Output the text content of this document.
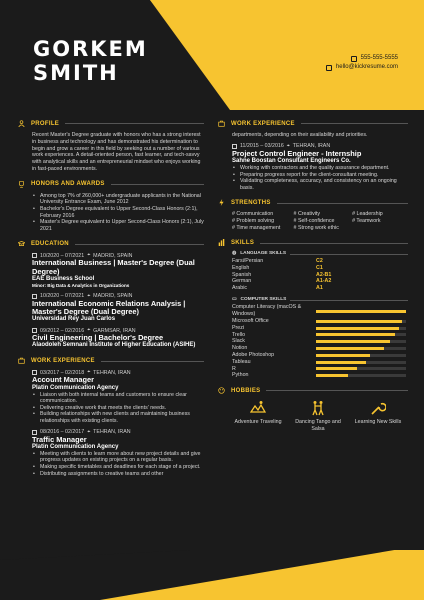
GORKEM
SMITH
555-555-5555
hello@kickresume.com
PROFILE
Recent Master's Degree graduate with honors who has a strong interest in business and technology and has demonstrated his determination to begin and grow a career in this field by seeking out a number of various work experiences. A detail-oriented person, fast learner, and tech-savvy with analytical skills and an entrepreneurial mindset who enjoys working in fast-paced environments.
HONORS AND AWARDS
• Among top 7% of 260,000+ undergraduate applicants in the National University Entrance Exam, June 2012
• Bachelor's Degree equivalent to Upper Second-Class Honors (2:1), February 2016
• Master's Degree equivalent to Upper Second-Class Honors (2:1), July 2021
EDUCATION
10/2020 – 07/2021 ⌖ MADRID, SPAIN
International Business | Master's Degree (Dual Degree)
EAE Business School
Minor: Big Data & Analytics in Organizations
10/2020 – 07/2021 ⌖ MADRID, SPAIN
International Economic Relations Analysis | Master's Degree (Dual Degree)
Universidad Rey Juan Carlos
09/2012 – 02/2016 ⌖ GARMSAR, IRAN
Civil Engineering | Bachelor's Degree
Alaodoleh Semnani Institute of Higher Education (ASIHE)
WORK EXPERIENCE
03/2017 – 02/2018 ⌖ TEHRAN, IRAN
Account Manager
Platin Communication Agency
• Liaison with both internal teams and customers to ensure clear communication.
• Delivering creative work that meets the clients' needs.
• Building relationships with new clients and maintaining business relationships with existing clients.
08/2016 – 02/2017 ⌖ TEHRAN, IRAN
Traffic Manager
Platin Communication Agency
• Meeting with clients to learn more about new project details and give progress updates on existing projects on a regular basis.
• Making specific timetables and deadlines for each stage of a project.
• Distributing assignments to creative teams and other
WORK EXPERIENCE
departments, depending on their availability and priorities.
11/2015 – 03/2016 ⌖ TEHRAN, IRAN
Project Control Engineer - Internship
Sahne Boostan Consultant Engineers Co.
• Working with contractors and the quality assurance department.
• Preparing progress report for the client-consultant meeting.
• Validating completeness, accuracy, and consistency on an ongoing basis.
STRENGTHS
# Communication	# Creativity	# Leadership
# Problem solving	# Self-confidence	# Teamwork
# Time management	# Strong work ethic
SKILLS
◍ LANGUAGE SKILLS
Farsi/Persian	C2
English	C1
Spanish	A2-B1
German	A1-A2
Arabic	A1
▭ COMPUTER SKILLS
Computer Literacy (macOS & Windows)
Microsoft Office
Prezi
Trello
Slack
Notion
Adobe Photoshop
Tableau
R
Python
HOBBIES
Adventure Traveling	Dancing Tango and Salsa
Learning New Skills
